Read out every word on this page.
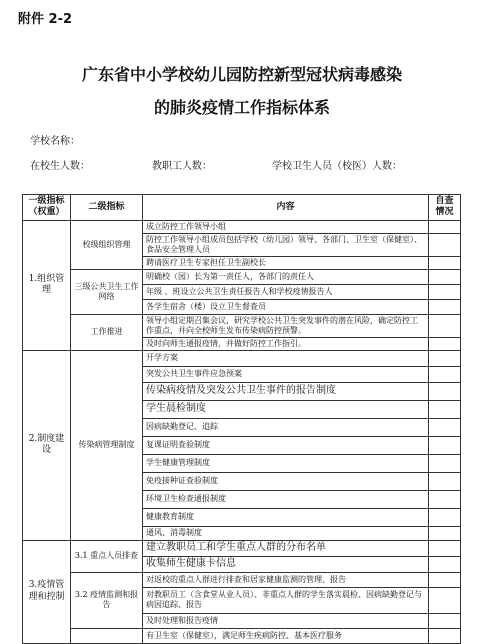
附件 2-2
广东省中小学校幼儿园防控新型冠状病毒感染
的肺炎疫情工作指标体系
学校名称：
在校生人数：	教职工人数：	学校卫生人员（校医）人数：
一级指标（权重）	二级指标	内容	自查情况
1.组织管理	校级组织管理	成立防控工作领导小组	
		防控工作领导小组成员包括学校（幼儿园）领导、各部门、卫生室（保健室）、食品安全管理人员	
		聘请医疗卫生专家担任卫生副校长	
	三级公共卫生工作网络	明确校（园）长为第一责任人，各部门的责任人	
		年级 、班设立公共卫生责任报告人和学校疫情报告人	
		各学生宿舍（楼）设立卫生督查员	
	工作推进	领导小组定期召集会议，研究学校公共卫生突发事件的潜在风险，确定防控工作重点，并向全校师生发布传染病防控预警。	
		及时向师生通报疫情，并做好防控工作指引。	
2.制度建设	传染病管理制度	开学方案	
		突发公共卫生事件应急预案	
		传染病疫情及突发公共卫生事件的报告制度	
		学生晨检制度	
		因病缺勤登记、追踪	
		复课证明查验制度	
		学生健康管理制度	
		免疫接种证查验制度	
		环境卫生检查通报制度	
		健康教育制度	
		通风、消毒制度	
3.疫情管理和控制	3.1 重点人员排查	建立教职员工和学生重点人群的分布名单	
		收集师生健康卡信息	
	3.2 疫情监测和报告	对返校的重点人群进行排查和居家健康监测的管理、报告	
		对教职员工（含食堂从业人员）、非重点人群的学生落实晨检、因病缺勤登记与病因追踪、报告	
		及时处理和报告疫情	
		有卫生室（保健室），满足师生疾病防控、基本医疗服务	
